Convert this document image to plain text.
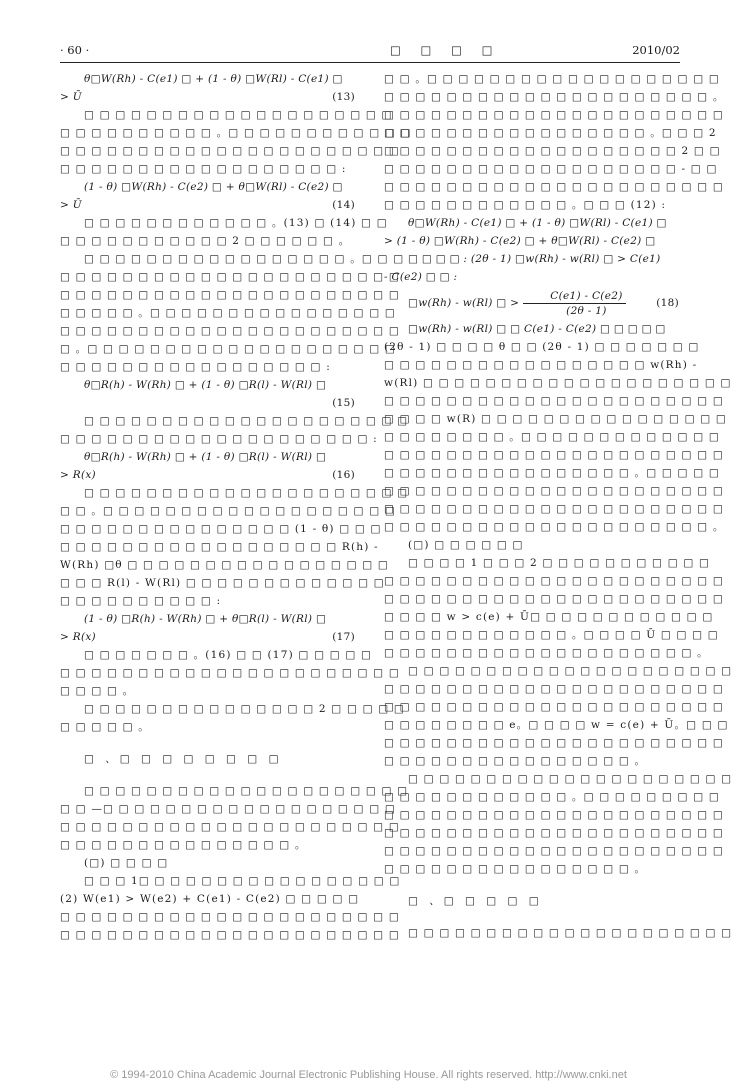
· 60 ·	□ □ □ □	2010/02
θ□W(Rh) - C(e1) □ + (1 - θ) □W(Rl) - C(e1) □
(13)
> Ū
□ □ □ □ □ □ □ □ □ □ □ □ □ □ □ □ □ □ □ □
□ □ □ □ □ □ □ □ □ □ 。□ □ □ □ □ □ □ □ □ □ □ □
□ □ □ □ □ □ □ □ □ □ □ □ □ □ □ □ □ □ □ □ □ □
□ □ □ □ □ □ □ □ □ □ □ □ □ □ □ □ □ □ :
(1 - θ) □W(Rh) - C(e2) □ + θ□W(Rl) - C(e2) □
(14)
> Ū
□ □ □ □ □ □ □ □ □ □ □ □ 。(13) □ (14) □ □
□ □ □ □ □ □ □ □ □ □ □ 2 □ □ □ □ □ □ 。
□ □ □ □ □ □ □ □ □ □ □ □ □ □ □ □ □ 。□ □ □
□ □ □ □ □ □ □ □ □ □ □ □ □ □ □ □ □ □ □ □ □ □
□ □ □ □ □ □ □ □ □ □ □ □ □ □ □ □ □ □ □ □ □ □
□ □ □ □ □ 。□ □ □ □ □ □ □ □ □ □ □ □ □ □ □ □
□ □ □ □ □ □ □ □ □ □ □ □ □ □ □ □ □ □ □ □ □ □
□ 。□ □ □ □ □ □ □ □ □ □ □ □ □ □ □ □ □ □ □ □
□ □ □ □ □ □ □ □ □ □ □ □ □ □ □ □ □ :
θ□R(h) - W(Rh) □ + (1 - θ) □R(l) - W(Rl) □
(15)
□ □ □ □ □ □ □ □ □ □ □ □ □ □ □ □ □ □ □ □ □
□ □ □ □ □ □ □ □ □ □ □ □ □ □ □ □ □ □ □ □ :
θ□R(h) - W(Rh) □ + (1 - θ) □R(l) - W(Rl) □
(16)
> R(x)
□ □ □ □ □ □ □ □ □ □ □ □ □ □ □ □ □ □ □ □ □
□ □ 。□ □ □ □ □ □ □ □ □ □ □ □ □ □ □ □ □ □ □
□ □ □ □ □ □ □ □ □ □ □ □ □ □ □ (1 - θ) □ □ □
□ □ □ □ □ □ □ □ □ □ □ □ □ □ □ □ □ □ R(h) -
W(Rh) □θ □ □ □ □ □ □ □ □ □ □ □ □ □ □ □ □ □
□ □ □ R(l) - W(Rl) □ □ □ □ □ □ □ □ □ □ □ □ □
□ □ □ □ □ □ □ □ □ □ :
(1 - θ) □R(h) - W(Rh) □ + θ□R(l) - W(Rl) □
(17)
> R(x)
□ □ □ □ □ □ □ 。(16) □ □ (17) □ □ □ □ □
□ □ □ □ □ □ □ □ □ □ □ □ □ □ □ □ □ □ □ □ □ □
□ □ □ □ 。
□ □ □ □ □ □ □ □ □ □ □ □ □ □ □ 2 □ □ □ □ □
□ □ □ □ □ 。
□ 、□ □ □ □ □ □ □ □
□ □ □ □ □ □ □ □ □ □ □ □ □ □ □ □ □ □ □ □ □
□ □ —□ □ □ □ □ □ □ □ □ □ □ □ □ □ □ □ □ □ □
□ □ □ □ □ □ □ □ □ □ □ □ □ □ □ □ □ □ □ □ □ □
□ □ □ □ □ □ □ □ □ □ □ □ □ □ □ 。
(□) □ □ □ □
□ □ □ 1□ □ □ □ □ □ □ □ □ □ □ □ □ □ □ □ □
(2) W(e1) > W(e2) + C(e1) - C(e2) □ □ □ □ □
□ □ □ □ □ □ □ □ □ □ □ □ □ □ □ □ □ □ □ □ □ □
□ □ □ □ □ □ □ □ □ □ □ □ □ □ □ □ □ □ □ □ □ □
□ □ 。□ □ □ □ □ □ □ □ □ □ □ □ □ □ □ □ □ □ □
□ □ □ □ □ □ □ □ □ □ □ □ □ □ □ □ □ □ □ □ □ 。
□ □ □ □ □ □ □ □ □ □ □ □ □ □ □ □ □ □ □ □ □ □
□ □ □ □ □ □ □ □ □ □ □ □ □ □ □ □ □ 。□ □ □ 2
□ □ □ □ □ □ □ □ □ □ □ □ □ □ □ □ □ □ □ 2 □ □
□ □ □ □ □ □ □ □ □ □ □ □ □ □ □ □ □ □ □ - □ □
□ □ □ □ □ □ □ □ □ □ □ □ □ □ □ □ □ □ □ □ □ □
□ □ □ □ □ □ □ □ □ □ □ □ 。□ □ □ (12) :
θ□W(Rh) - C(e1) □ + (1 - θ) □W(Rl) - C(e1) □
> (1 - θ) □W(Rh) - C(e2) □ + θ□W(Rl) - C(e2) □
□ □ □ □ : (2θ - 1) □w(Rh) - w(Rl) □ > C(e1)
- C(e2) □ □ :
(18)
□w(Rh) - w(Rl) □ > $\frac{C(e1) - C(e2)}{(2\theta - 1)}$
□w(Rh) - w(Rl) □ □ C(e1) - C(e2) □ □ □ □ □
(2θ - 1) □ □ □ □ θ □ □ (2θ - 1) □ □ □ □ □ □ □
□ □ □ □ □ □ □ □ □ □ □ □ □ □ □ □ □ w(Rh) -
w(Rl) □ □ □ □ □ □ □ □ □ □ □ □ □ □ □ □ □ □ □ □
□ □ □ □ □ □ □ □ □ □ □ □ □ □ □ □ □ □ □ □ □ □
□ □ □ □ w(R) □ □ □ □ □ □ □ □ □ □ □ □ □ □ □ □
□ □ □ □ □ □ □ □ 。□ □ □ □ □ □ □ □ □ □ □ □ □
□ □ □ □ □ □ □ □ □ □ □ □ □ □ □ □ □ □ □ □ □ □
□ □ □ □ □ □ □ □ □ □ □ □ □ □ □ □ 。□ □ □ □ □
□ □ □ □ □ □ □ □ □ □ □ □ □ □ □ □ □ □ □ □ □ □
□ □ □ □ □ □ □ □ □ □ □ □ □ □ □ □ □ □ □ □ □ □
□ □ □ □ □ □ □ □ □ □ □ □ □ □ □ □ □ □ □ □ □ 。
(□) □ □ □ □ □ □
□ □ □ □ 1 □ □ □ 2 □ □ □ □ □ □ □ □ □ □ □
□ □ □ □ □ □ □ □ □ □ □ □ □ □ □ □ □ □ □ □ □ □
□ □ □ □ □ □ □ □ □ □ □ □ □ □ □ □ □ □ □ □ □ □
□ □ □ □ w > c(e) + Ū□ □ □ □ □ □ □ □ □ □ □ □
□ □ □ □ □ □ □ □ □ □ □ □ 。□ □ □ □ Ū □ □ □ □
□ □ □ □ □ □ □ □ □ □ □ □ □ □ □ □ □ □ □ □ 。
□ □ □ □ □ □ □ □ □ □ □ □ □ □ □ □ □ □ □ □ □
□ □ □ □ □ □ □ □ □ □ □ □ □ □ □ □ □ □ □ □ □ □
□ □ □ □ □ □ □ □ □ □ □ □ □ □ □ □ □ □ □ □ □ □
□ □ □ □ □ □ □ □ e。□ □ □ □ w = c(e) + Ū。□ □ □
□ □ □ □ □ □ □ □ □ □ □ □ □ □ □ □ □ □ □ □ □ □
□ □ □ □ □ □ □ □ □ □ □ □ □ □ □ □ 。
□ □ □ □ □ □ □ □ □ □ □ □ □ □ □ □ □ □ □ □ □
□ □ □ □ □ □ □ □ □ □ □ □ 。□ □ □ □ □ □ □ □ □
□ □ □ □ □ □ □ □ □ □ □ □ □ □ □ □ □ □ □ □ □ □
□ □ □ □ □ □ □ □ □ □ □ □ □ □ □ □ □ □ □ □ □ □
□ □ □ □ □ □ □ □ □ □ □ □ □ □ □ □ □ □ □ □ □ □
□ □ □ □ □ □ □ □ □ □ □ □ □ □ □ □ 。
□ 、□ □ □ □ □
□ □ □ □ □ □ □ □ □ □ □ □ □ □ □ □ □ □ □ □ □
© 1994-2010 China Academic Journal Electronic Publishing House. All rights reserved. http://www.cnki.net
